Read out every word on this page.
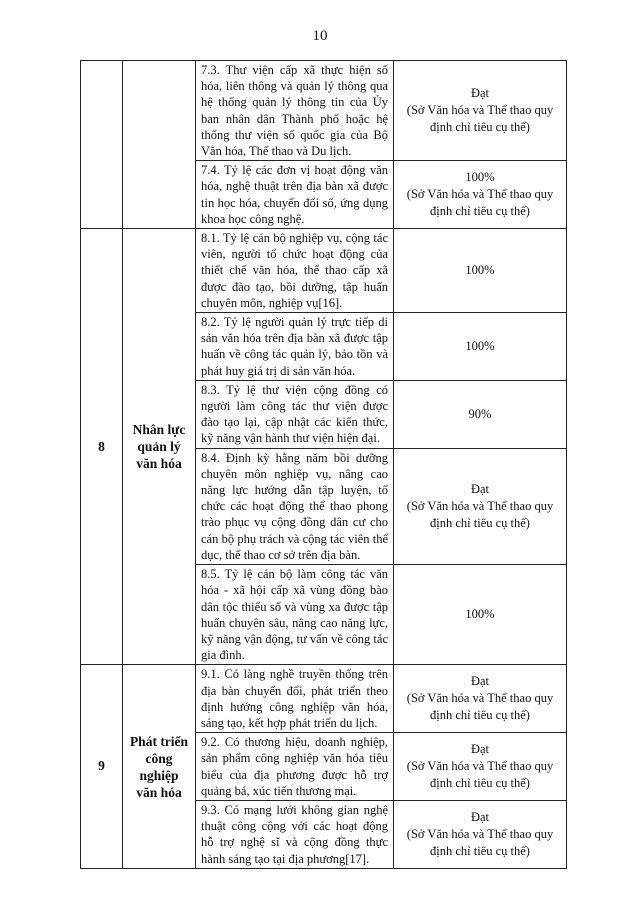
10
		7.3. Thư viện cấp xã thực hiện số hóa, liên thông và quản lý thông qua hệ thống quản lý thông tin của Ủy ban nhân dân Thành phố hoặc hệ thống thư viện số quốc gia của Bộ Văn hóa, Thể thao và Du lịch.	Đạt
(Sở Văn hóa và Thể thao quy định chỉ tiêu cụ thể)

		7.4. Tỷ lệ các đơn vị hoạt động văn hóa, nghệ thuật trên địa bàn xã được tin học hóa, chuyển đổi số, ứng dụng khoa học công nghệ.	100%
(Sở Văn hóa và Thể thao quy định chỉ tiêu cụ thể)

8	Nhân lực quản lý văn hóa	8.1. Tỷ lệ cán bộ nghiệp vụ, cộng tác viên, người tổ chức hoạt động của thiết chế văn hóa, thể thao cấp xã được đào tạo, bồi dưỡng, tập huấn chuyên môn, nghiệp vụ[16].	100%

		8.2. Tỷ lệ người quản lý trực tiếp di sản văn hóa trên địa bàn xã được tập huấn về công tác quản lý, bảo tồn và phát huy giá trị di sản văn hóa.	100%

		8.3. Tỷ lệ thư viện cộng đồng có người làm công tác thư viện được đào tạo lại, cập nhật các kiến thức, kỹ năng vận hành thư viện hiện đại.	90%

		8.4. Định kỳ hằng năm bồi dưỡng chuyên môn nghiệp vụ, nâng cao năng lực hướng dẫn tập luyện, tổ chức các hoạt động thể thao phong trào phục vụ cộng đồng dân cư cho cán bộ phụ trách và cộng tác viên thể dục, thể thao cơ sở trên địa bàn.	Đạt
(Sở Văn hóa và Thể thao quy định chỉ tiêu cụ thể)

		8.5. Tỷ lệ cán bộ làm công tác văn hóa - xã hội cấp xã vùng đồng bào dân tộc thiểu số và vùng xa được tập huấn chuyên sâu, nâng cao năng lực, kỹ năng vận động, tư vấn về công tác gia đình.	100%

9	Phát triển công nghiệp văn hóa	9.1. Có làng nghề truyền thống trên địa bàn chuyển đổi, phát triển theo định hướng công nghiệp văn hóa, sáng tạo, kết hợp phát triển du lịch.	Đạt
(Sở Văn hóa và Thể thao quy định chỉ tiêu cụ thể)

		9.2. Có thương hiệu, doanh nghiệp, sản phẩm công nghiệp văn hóa tiêu biểu của địa phương được hỗ trợ quảng bá, xúc tiến thương mại.	Đạt
(Sở Văn hóa và Thể thao quy định chỉ tiêu cụ thể)

		9.3. Có mạng lưới không gian nghệ thuật công cộng với các hoạt động hỗ trợ nghệ sĩ và cộng đồng thực hành sáng tạo tại địa phương[17].	Đạt
(Sở Văn hóa và Thể thao quy định chỉ tiêu cụ thể)
